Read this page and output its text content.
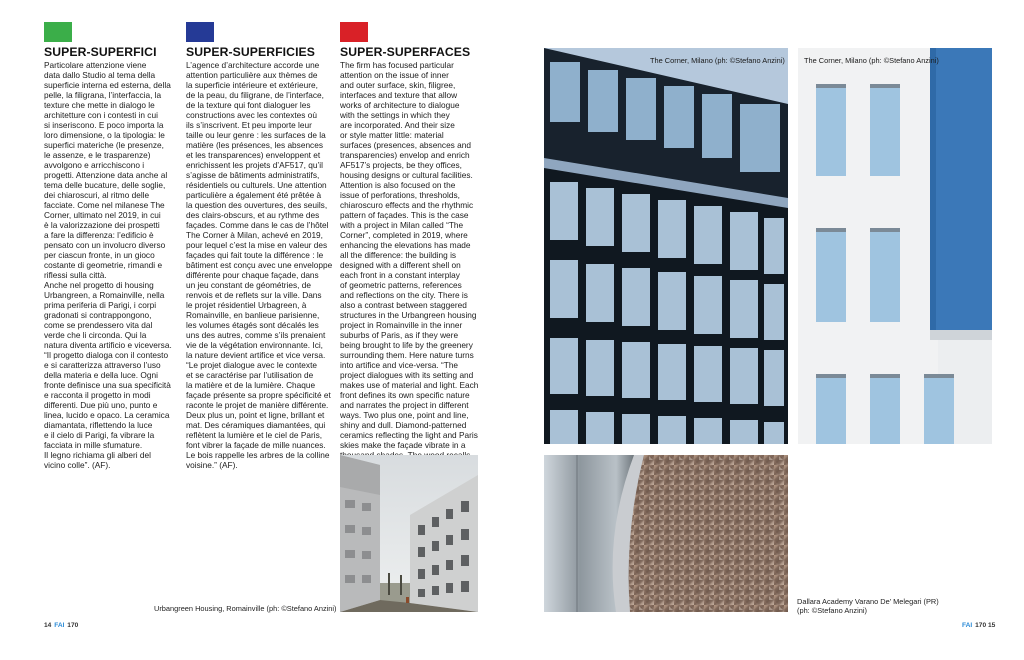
SUPER-SUPERFICI

Particolare attenzione viene
data dallo Studio al tema della
superficie interna ed esterna, della
pelle, la filigrana, l’interfaccia, la
texture che mette in dialogo le
architetture con i contesti in cui
si inseriscono. E poco importa la
loro dimensione, o la tipologia: le
superfici materiche (le presenze,
le assenze, e le trasparenze)
avvolgono e arricchiscono i
progetti. Attenzione data anche al
tema delle bucature, delle soglie,
dei chiaroscuri, al ritmo delle
facciate. Come nel milanese The
Corner, ultimato nel 2019, in cui
è la valorizzazione dei prospetti
a fare la differenza: l’edificio è
pensato con un involucro diverso
per ciascun fronte, in un gioco
costante di geometrie, rimandi e
riflessi sulla città.
Anche nel progetto di housing
Urbangreen, a Romainville, nella
prima periferia di Parigi, i corpi
gradonati si contrappongono,
come se prendessero vita dal
verde che li circonda. Qui la
natura diventa artificio e viceversa.
“Il progetto dialoga con il contesto
e si caratterizza attraverso l’uso
della materia e della luce. Ogni
fronte definisce una sua specificità
e racconta il progetto in modi
differenti. Due più uno, punto e
linea, lucido e opaco. La ceramica
diamantata, riflettendo la luce
e il cielo di Parigi, fa vibrare la
facciata in mille sfumature.
Il legno richiama gli alberi del
vicino colle”. (AF).

SUPER-SUPERFICIES

L’agence d’architecture accorde une
attention particulière aux thèmes de
la superficie intérieure et extérieure,
de la peau, du filigrane, de l’interface,
de la texture qui font dialoguer les
constructions avec les contextes où
ils s’inscrivent. Et peu importe leur
taille ou leur genre : les surfaces de la
matière (les présences, les absences
et les transparences) enveloppent et
enrichissent les projets d’AF517, qu’il
s’agisse de bâtiments administratifs,
résidentiels ou culturels. Une attention
particulière a également été prêtée à
la question des ouvertures, des seuils,
des clairs-obscurs, et au rythme des
façades. Comme dans le cas de l’hôtel
The Corner à Milan, achevé en 2019,
pour lequel c’est la mise en valeur des
façades qui fait toute la différence : le
bâtiment est conçu avec une enveloppe
différente pour chaque façade, dans
un jeu constant de géométries, de
renvois et de reflets sur la ville. Dans
le projet résidentiel Urbagreen, à
Romainville, en banlieue parisienne,
les volumes étagés sont décalés les
uns des autres, comme s’ils prenaient
vie de la végétation environnante. Ici,
la nature devient artifice et vice versa.
“Le projet dialogue avec le contexte
et se caractérise par l’utilisation de
la matière et de la lumière. Chaque
façade présente sa propre spécificité et
raconte le projet de manière différente.
Deux plus un, point et ligne, brillant et
mat. Des céramiques diamantées, qui
reflètent la lumière et le ciel de Paris,
font vibrer la façade de mille nuances.
Le bois rappelle les arbres de la colline
voisine.” (AF).

SUPER-SUPERFACES

The firm has focused particular
attention on the issue of inner
and outer surface, skin, filigree,
interfaces and texture that allow
works of architecture to dialogue
with the settings in which they
are incorporated. And their size
or style matter little: material
surfaces (presences, absences and
transparencies) envelop and enrich
AF517’s projects, be they offices,
housing designs or cultural facilities.
Attention is also focused on the
issue of perforations, thresholds,
chiaroscuro effects and the rhythmic
pattern of façades. This is the case
with a project in Milan called “The
Corner”, completed in 2019, where
enhancing the elevations has made
all the difference: the building is
designed with a different shell on
each front in a constant interplay
of geometric patterns, references
and reflections on the city. There is
also a contrast between staggered
structures in the Urbangreen housing
project in Romainville in the inner
suburbs of Paris, as if they were
being brought to life by the greenery
surrounding them. Here nature turns
into artifice and vice-versa. “The
project dialogues with its setting and
makes use of material and light. Each
front defines its own specific nature
and narrates the project in different
ways. Two plus one, point and line,
shiny and dull. Diamond-patterned
ceramics reflecting the light and Paris
skies make the façade vibrate in a

Urbangreen Housing, Romainville (ph: ©Stefano Anzini)
14 FAI 170
The Corner, Milano (ph: ©Stefano Anzini)	The Corner, Milano (ph: ©Stefano Anzini)
Dallara Academy Varano De’ Melegari (PR)
(ph: ©Stefano Anzini)
FAI 170 15
